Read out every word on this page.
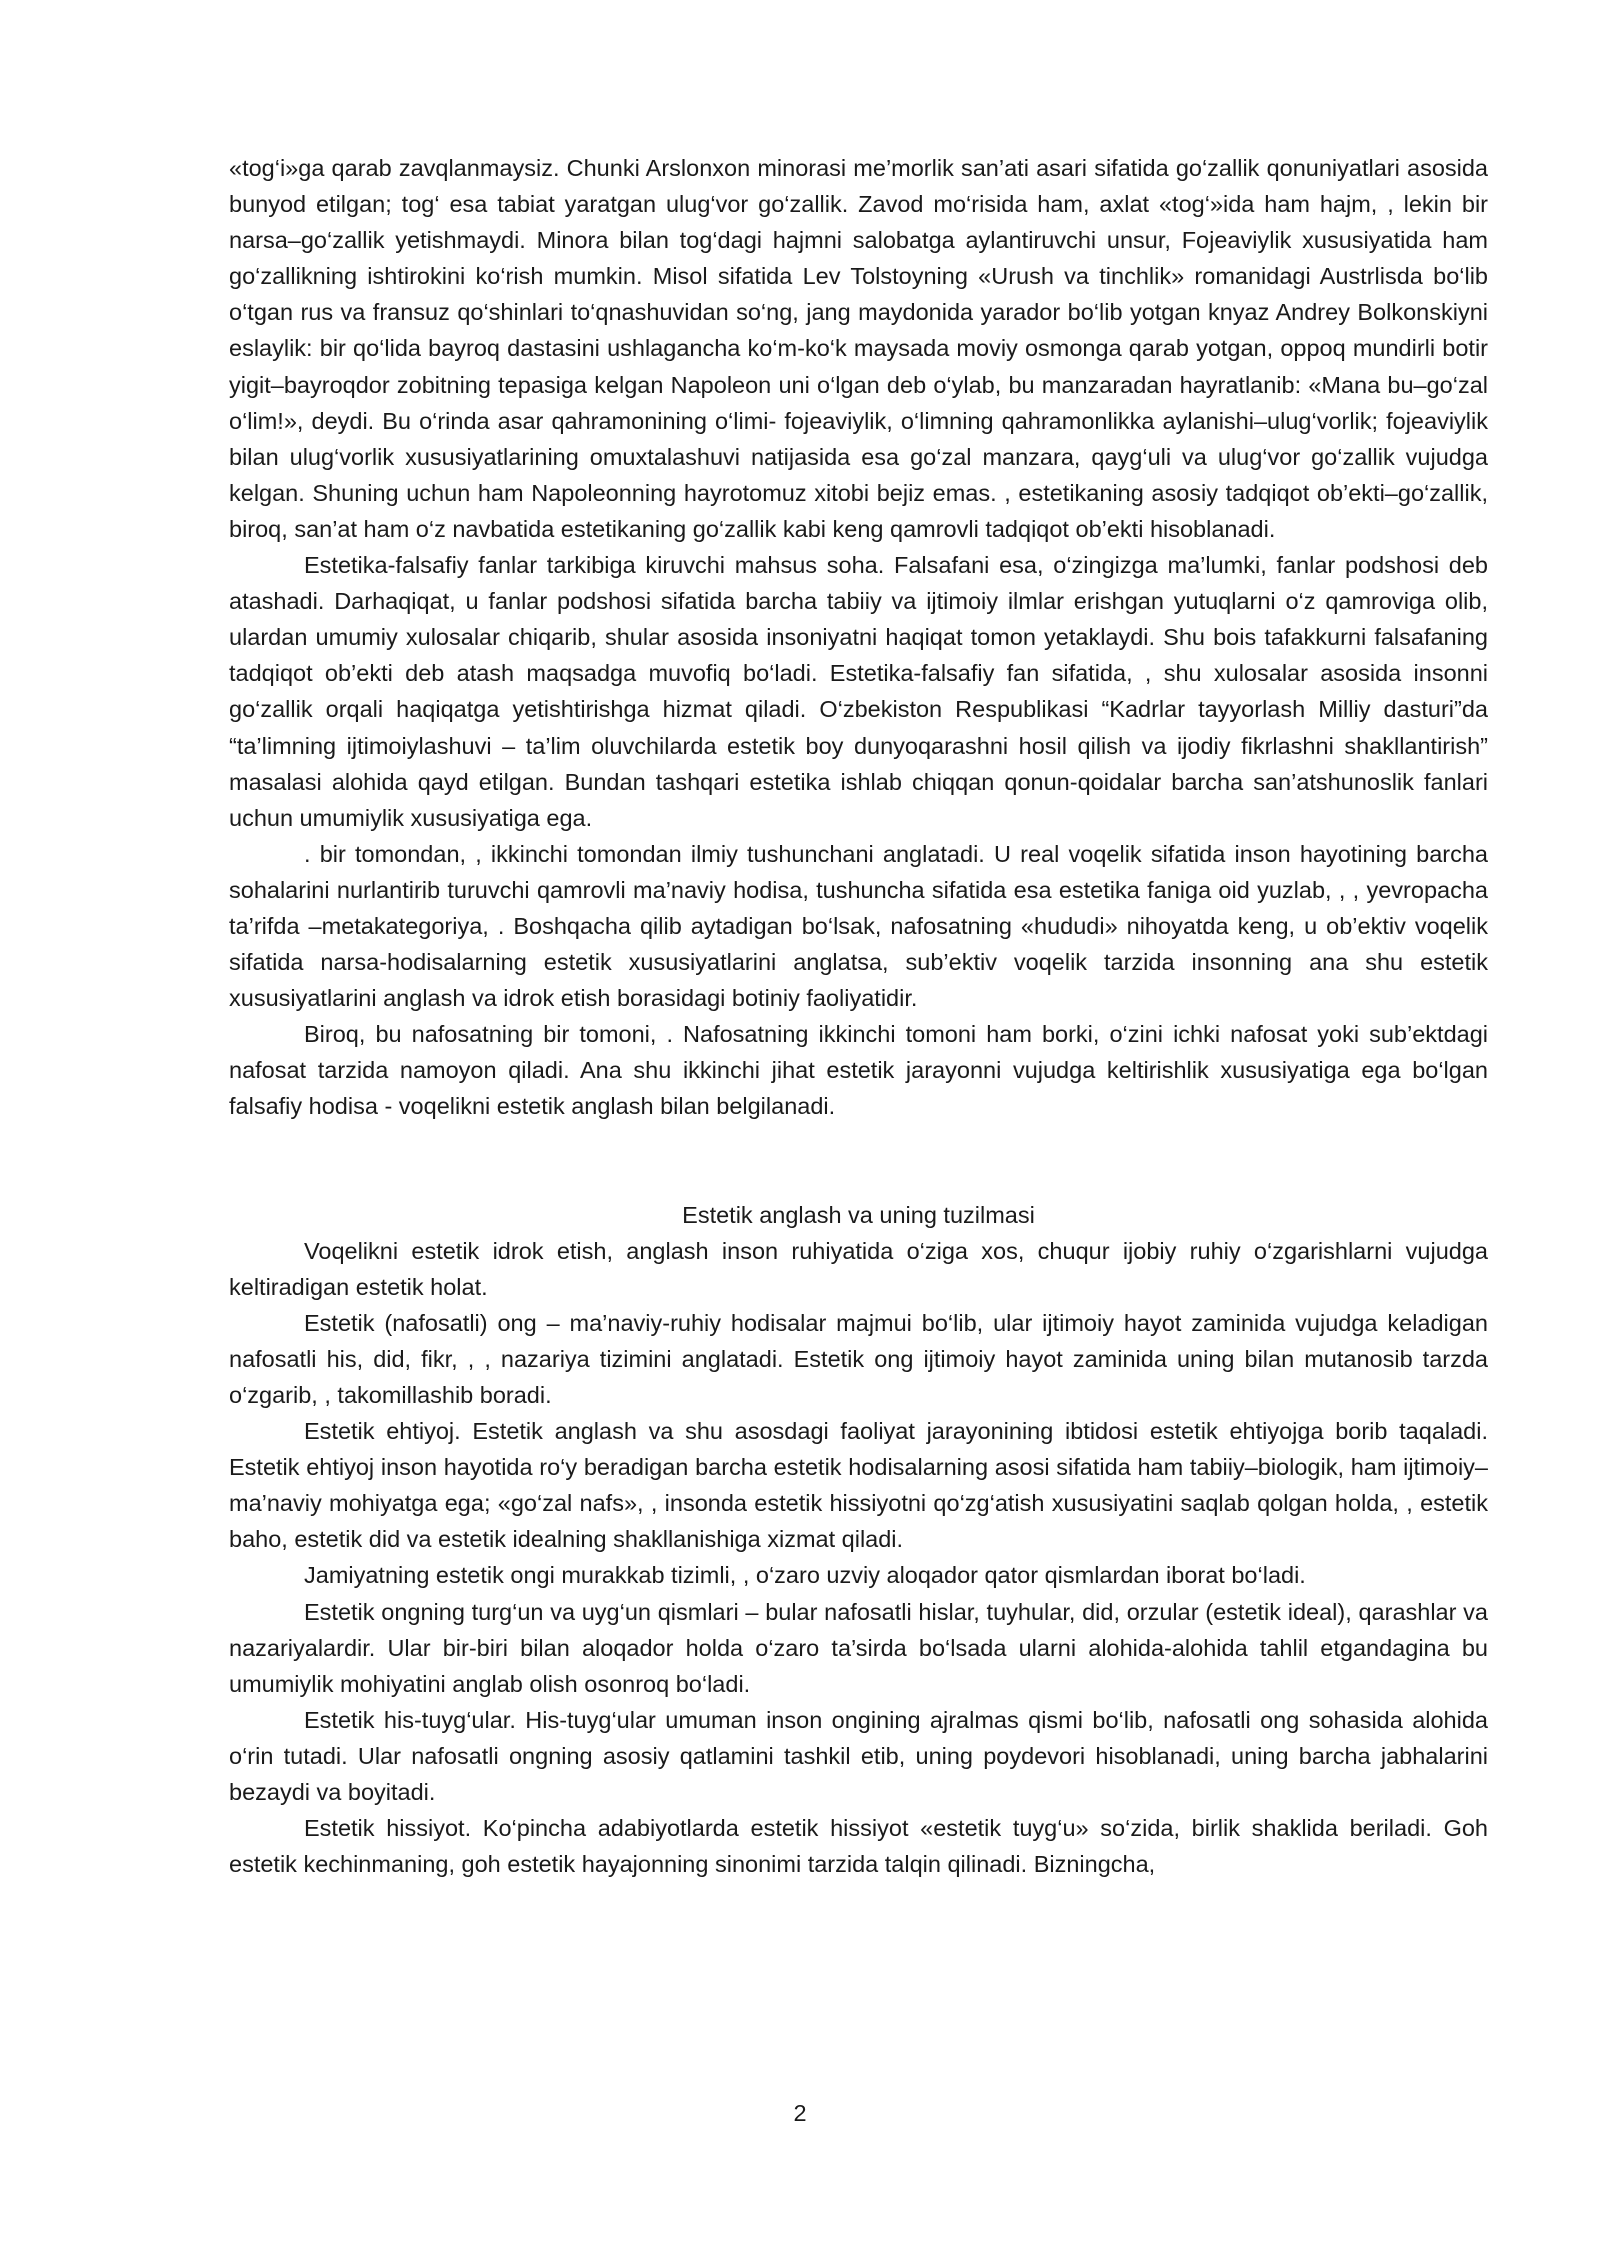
«tog‘i»ga qarab zavqlanmaysiz. Chunki Arslonxon minorasi me’morlik san’ati asari sifatida go‘zallik qonuniyatlari asosida bunyod etilgan; tog‘ esa tabiat yaratgan ulug‘vor go‘zallik. Zavod mo‘risida ham, axlat «tog‘»ida ham hajm, , lekin bir narsa–go‘zallik yetishmaydi. Minora bilan tog‘dagi hajmni salobatga aylantiruvchi unsur, Fojeaviylik xususiyatida ham go‘zallikning ishtirokini ko‘rish mumkin. Misol sifatida Lev Tolstoyning «Urush va tinchlik» romanidagi Austrlisda bo‘lib o‘tgan rus va fransuz qo‘shinlari to‘qnashuvidan so‘ng, jang maydonida yarador bo‘lib yotgan knyaz Andrey Bolkonskiyni eslaylik: bir qo‘lida bayroq dastasini ushlagancha ko‘m-ko‘k maysada moviy osmonga qarab yotgan, oppoq mundirli botir yigit–bayroqdor zobitning tepasiga kelgan Napoleon uni o‘lgan deb o‘ylab, bu manzaradan hayratlanib: «Mana bu–go‘zal o‘lim!», deydi. Bu o‘rinda asar qahramonining o‘limi- fojeaviylik, o‘limning qahramonlikka aylanishi–ulug‘vorlik; fojeaviylik bilan ulug‘vorlik xususiyatlarining omuxtalashuvi natijasida esa go‘zal manzara, qayg‘uli va ulug‘vor go‘zallik vujudga kelgan. Shuning uchun ham Napoleonning hayrotomuz xitobi bejiz emas. , estetikaning asosiy tadqiqot ob’ekti–go‘zallik, biroq, san’at ham o‘z navbatida estetikaning go‘zallik kabi keng qamrovli tadqiqot ob’ekti hisoblanadi.

Estetika-falsafiy fanlar tarkibiga kiruvchi mahsus soha. Falsafani esa, o‘zingizga ma’lumki, fanlar podshosi deb atashadi. Darhaqiqat, u fanlar podshosi sifatida barcha tabiiy va ijtimoiy ilmlar erishgan yutuqlarni o‘z qamroviga olib, ulardan umumiy xulosalar chiqarib, shular asosida insoniyatni haqiqat tomon yetaklaydi. Shu bois tafakkurni falsafaning tadqiqot ob’ekti deb atash maqsadga muvofiq bo‘ladi. Estetika-falsafiy fan sifatida, , shu xulosalar asosida insonni go‘zallik orqali haqiqatga yetishtirishga hizmat qiladi. O‘zbekiston Respublikasi “Kadrlar tayyorlash Milliy dasturi”da “ta’limning ijtimoiylashuvi – ta’lim oluvchilarda estetik boy dunyoqarashni hosil qilish va ijodiy fikrlashni shakllantirish” masalasi alohida qayd etilgan. Bundan tashqari estetika ishlab chiqqan qonun-qoidalar barcha san’atshunoslik fanlari uchun umumiylik xususiyatiga ega.

. bir tomondan, , ikkinchi tomondan ilmiy tushunchani anglatadi. U real voqelik sifatida inson hayotining barcha sohalarini nurlantirib turuvchi qamrovli ma’naviy hodisa, tushuncha sifatida esa estetika faniga oid yuzlab, , , yevropacha ta’rifda –metakategoriya, . Boshqacha qilib aytadigan bo‘lsak, nafosatning «hududi» nihoyatda keng, u ob’ektiv voqelik sifatida narsa-hodisalarning estetik xususiyatlarini anglatsa, sub’ektiv voqelik tarzida insonning ana shu estetik xususiyatlarini anglash va idrok etish borasidagi botiniy faoliyatidir.

Biroq, bu nafosatning bir tomoni, . Nafosatning ikkinchi tomoni ham borki, o‘zini ichki nafosat yoki sub’ektdagi nafosat tarzida namoyon qiladi. Ana shu ikkinchi jihat estetik jarayonni vujudga keltirishlik xususiyatiga ega bo‘lgan falsafiy hodisa - voqelikni estetik anglash bilan belgilanadi.

Estetik anglash va uning tuzilmasi

Voqelikni estetik idrok etish, anglash inson ruhiyatida o‘ziga xos, chuqur ijobiy ruhiy o‘zgarishlarni vujudga keltiradigan estetik holat.

Estetik (nafosatli) ong – ma’naviy-ruhiy hodisalar majmui bo‘lib, ular ijtimoiy hayot zaminida vujudga keladigan nafosatli his, did, fikr, , , nazariya tizimini anglatadi. Estetik ong ijtimoiy hayot zaminida uning bilan mutanosib tarzda o‘zgarib, , takomillashib boradi.

Estetik ehtiyoj. Estetik anglash va shu asosdagi faoliyat jarayonining ibtidosi estetik ehtiyojga borib taqaladi. Estetik ehtiyoj inson hayotida ro‘y beradigan barcha estetik hodisalarning asosi sifatida ham tabiiy–biologik, ham ijtimoiy–ma’naviy mohiyatga ega; «go‘zal nafs», , insonda estetik hissiyotni qo‘zg‘atish xususiyatini saqlab qolgan holda, , estetik baho, estetik did va estetik idealning shakllanishiga xizmat qiladi.

Jamiyatning estetik ongi murakkab tizimli, , o‘zaro uzviy aloqador qator qismlardan iborat bo‘ladi.

Estetik ongning turg‘un va uyg‘un qismlari – bular nafosatli hislar, tuyhular, did, orzular (estetik ideal), qarashlar va nazariyalardir. Ular bir-biri bilan aloqador holda o‘zaro ta’sirda bo‘lsada ularni alohida-alohida tahlil etgandagina bu umumiylik mohiyatini anglab olish osonroq bo‘ladi.

Estetik his-tuyg‘ular. His-tuyg‘ular umuman inson ongining ajralmas qismi bo‘lib, nafosatli ong sohasida alohida o‘rin tutadi. Ular nafosatli ongning asosiy qatlamini tashkil etib, uning poydevori hisoblanadi, uning barcha jabhalarini bezaydi va boyitadi.

Estetik hissiyot. Ko‘pincha adabiyotlarda estetik hissiyot «estetik tuyg‘u» so‘zida, birlik shaklida beriladi. Goh estetik kechinmaning, goh estetik hayajonning sinonimi tarzida talqin qilinadi. Bizningcha,

2
